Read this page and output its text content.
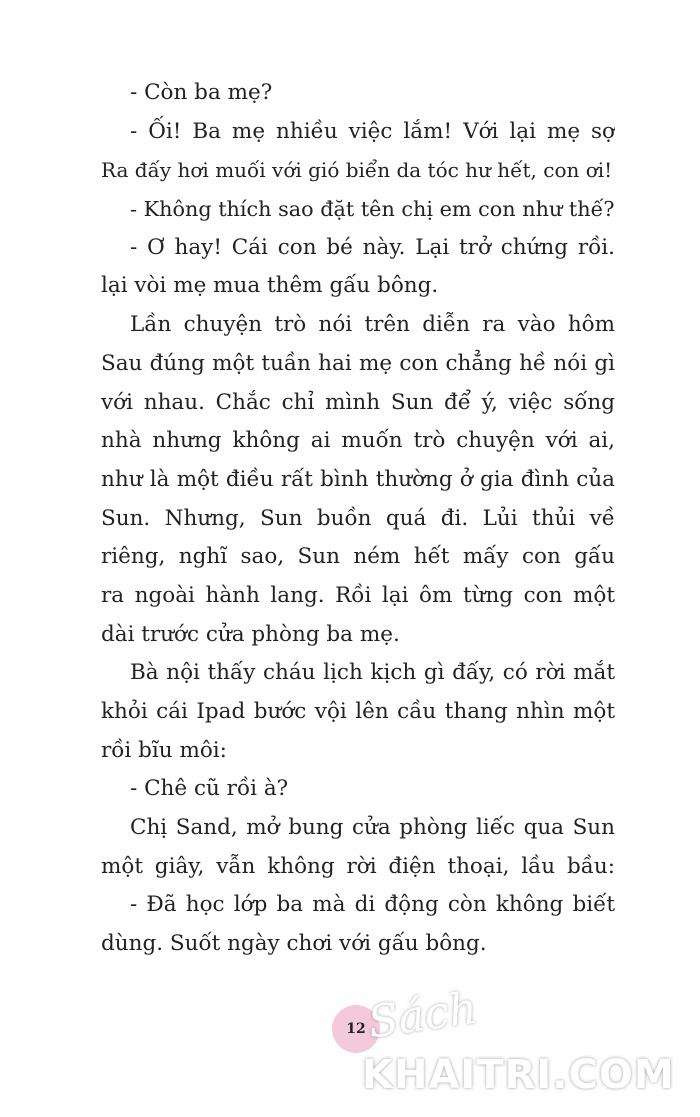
- Còn ba mẹ?
- Ối! Ba mẹ nhiều việc lắm! Với lại mẹ sợ
Ra đấy hơi muối với gió biển da tóc hư hết, con ơi!
- Không thích sao đặt tên chị em con như thế?
- Ơ hay! Cái con bé này. Lại trở chứng rồi.
lại vòi mẹ mua thêm gấu bông.
Lần chuyện trò nói trên diễn ra vào hôm
Sau đúng một tuần hai mẹ con chẳng hề nói gì
với nhau. Chắc chỉ mình Sun để ý, việc sống
nhà nhưng không ai muốn trò chuyện với ai,
như là một điều rất bình thường ở gia đình của
Sun. Nhưng, Sun buồn quá đi. Lủi thủi về
riêng, nghĩ sao, Sun ném hết mấy con gấu
ra ngoài hành lang. Rồi lại ôm từng con một
dài trước cửa phòng ba mẹ.
Bà nội thấy cháu lịch kịch gì đấy, có rời mắt
khỏi cái Ipad bước vội lên cầu thang nhìn một
rồi bĩu môi:
- Chê cũ rồi à?
Chị Sand, mở bung cửa phòng liếc qua Sun
một giây, vẫn không rời điện thoại, lầu bầu:
- Đã học lớp ba mà di động còn không biết
dùng. Suốt ngày chơi với gấu bông.
12 Sách
KHAITRI.COM
